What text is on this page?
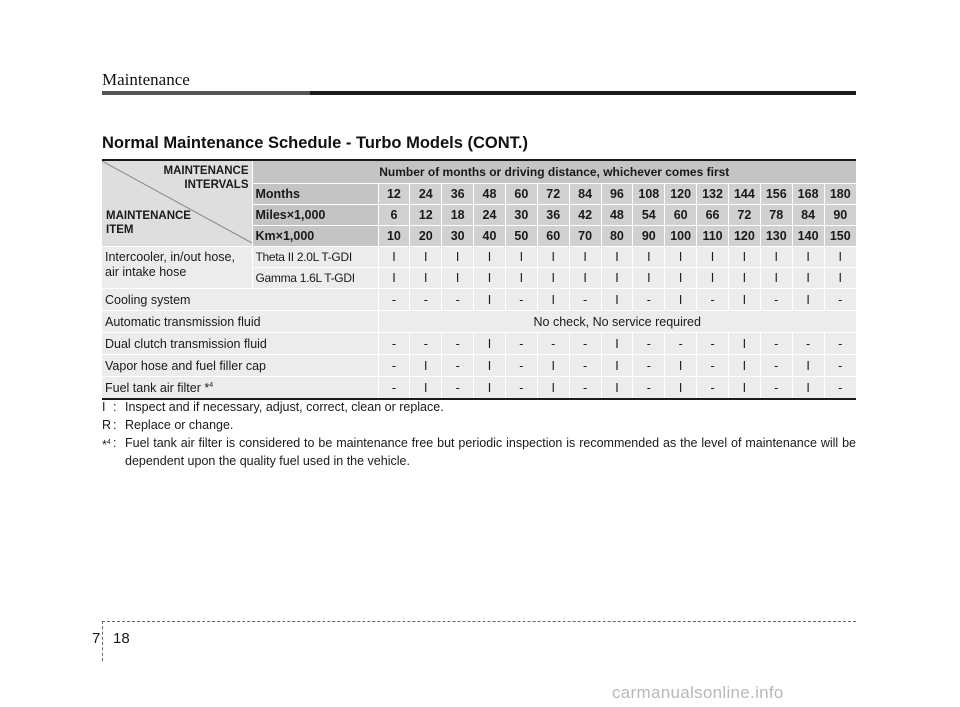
Maintenance
Normal Maintenance Schedule - Turbo Models (CONT.)
MAINTENANCE
INTERVALS
MAINTENANCE
ITEM	Number of months or driving distance, whichever comes first															
	Months	12	24	36	48	60	72	84	96	108	120	132	144	156	168	180
	Miles×1,000	6	12	18	24	30	36	42	48	54	60	66	72	78	84	90
	Km×1,000	10	20	30	40	50	60	70	80	90	100	110	120	130	140	150
Intercooler, in/out hose,
air intake hose	Theta II 2.0L T-GDI	I	I	I	I	I	I	I	I	I	I	I	I	I	I	I
	Gamma 1.6L T-GDI	I	I	I	I	I	I	I	I	I	I	I	I	I	I	I
Cooling system		-	-	-	I	-	I	-	I	-	I	-	I	-	I	-
Automatic transmission fluid		No check, No service required														
Dual clutch transmission fluid		-	-	-	I	-	-	-	I	-	-	-	I	-	-	-
Vapor hose and fuel filler cap		-	I	-	I	-	I	-	I	-	I	-	I	-	I	-
Fuel tank air filter *$^4$		-	I	-	I	-	I	-	I	-	I	-	I	-	I	-
I : Inspect and if necessary, adjust, correct, clean or replace.
R : Replace or change.
*$^4$ : Fuel tank air filter is considered to be maintenance free but periodic inspection is recommended as the level of maintenance will be dependent upon the quality fuel used in the vehicle.
7 18
carmanualsonline.info
